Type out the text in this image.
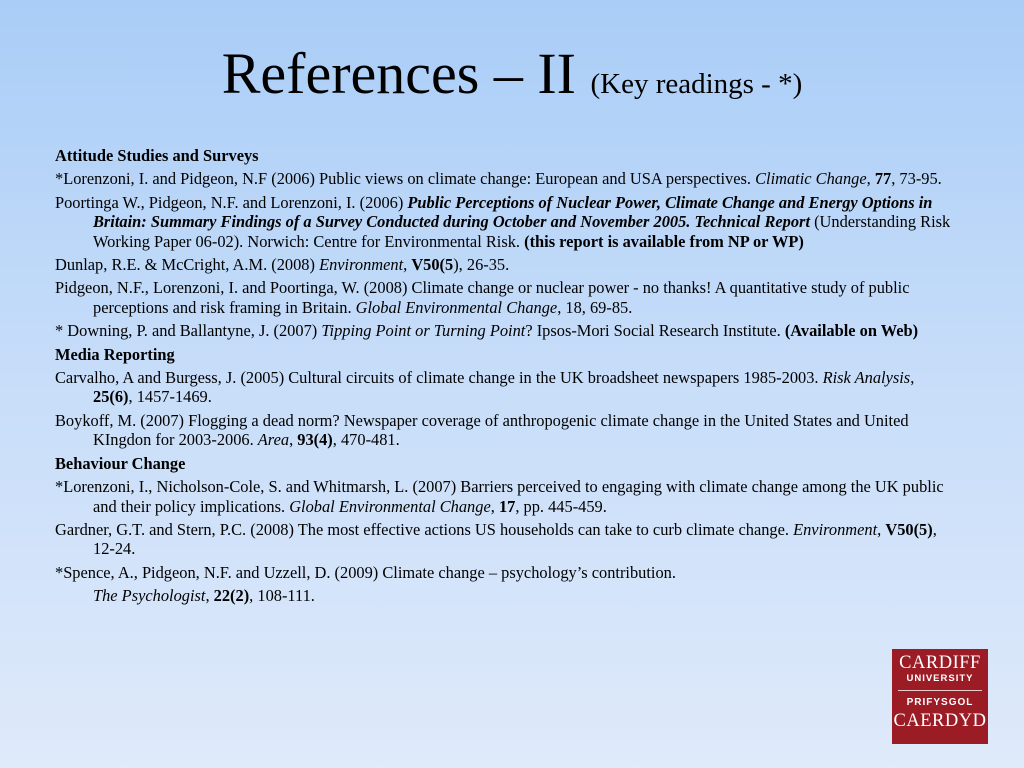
References – II (Key readings - *)
Attitude Studies and Surveys
*Lorenzoni, I. and Pidgeon, N.F (2006) Public views on climate change: European and USA perspectives. Climatic Change, 77, 73-95.
Poortinga W., Pidgeon, N.F. and Lorenzoni, I. (2006) Public Perceptions of Nuclear Power, Climate Change and Energy Options in Britain: Summary Findings of a Survey Conducted during October and November 2005. Technical Report (Understanding Risk Working Paper 06-02). Norwich: Centre for Environmental Risk. (this report is available from NP or WP)
Dunlap, R.E. & McCright, A.M. (2008) Environment, V50(5), 26-35.
Pidgeon, N.F., Lorenzoni, I. and Poortinga, W. (2008) Climate change or nuclear power - no thanks! A quantitative study of public perceptions and risk framing in Britain. Global Environmental Change, 18, 69-85.
* Downing, P. and Ballantyne, J. (2007) Tipping Point or Turning Point? Ipsos-Mori Social Research Institute. (Available on Web)
Media Reporting
Carvalho, A and Burgess, J. (2005) Cultural circuits of climate change in the UK broadsheet newspapers 1985-2003. Risk Analysis, 25(6), 1457-1469.
Boykoff, M. (2007) Flogging a dead norm? Newspaper coverage of anthropogenic climate change in the United States and United KIngdon for 2003-2006. Area, 93(4), 470-481.
Behaviour Change
*Lorenzoni, I., Nicholson-Cole, S. and Whitmarsh, L. (2007) Barriers perceived to engaging with climate change among the UK public and their policy implications. Global Environmental Change, 17, pp. 445-459.
Gardner, G.T. and Stern, P.C. (2008) The most effective actions US households can take to curb climate change. Environment, V50(5), 12-24.
*Spence, A., Pidgeon, N.F. and Uzzell, D. (2009) Climate change – psychology’s contribution.
The Psychologist, 22(2), 108-111.
CARDIFF
UNIVERSITY
PRIFYSGOL
CAERDYD
